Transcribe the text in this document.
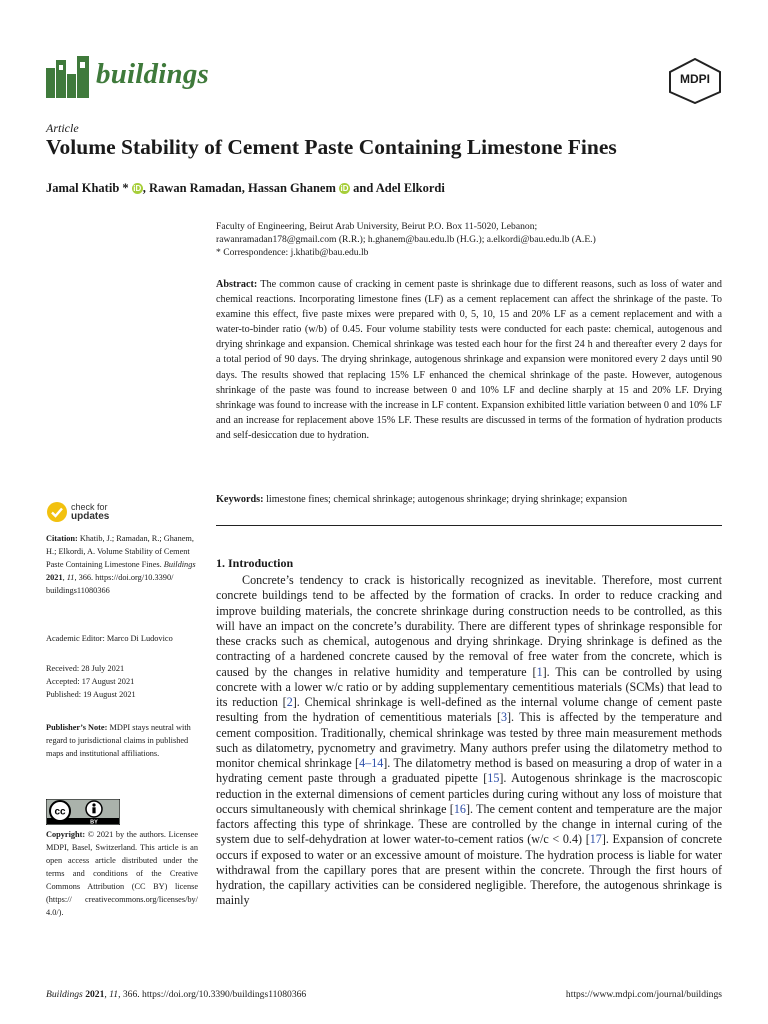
buildings	MDPI
Article
Volume Stability of Cement Paste Containing Limestone Fines
Jamal Khatib * iD , Rawan Ramadan, Hassan Ghanem iD and Adel Elkordi
Faculty of Engineering, Beirut Arab University, Beirut P.O. Box 11-5020, Lebanon;
rawanramadan178@gmail.com (R.R.); h.ghanem@bau.edu.lb (H.G.); a.elkordi@bau.edu.lb (A.E.)
* Correspondence: j.khatib@bau.edu.lb
Abstract: The common cause of cracking in cement paste is shrinkage due to different reasons, such as loss of water and chemical reactions. Incorporating limestone fines (LF) as a cement replacement can affect the shrinkage of the paste. To examine this effect, five paste mixes were prepared with 0, 5, 10, 15 and 20% LF as a cement replacement and with a water-to-binder ratio (w/b) of 0.45. Four volume stability tests were conducted for each paste: chemical, autogenous and drying shrinkage and expansion. Chemical shrinkage was tested each hour for the first 24 h and thereafter every 2 days for a total period of 90 days. The drying shrinkage, autogenous shrinkage and expansion were monitored every 2 days until 90 days. The results showed that replacing 15% LF enhanced the chemical shrinkage of the paste. However, autogenous shrinkage of the paste was found to increase between 0 and 10% LF and decline sharply at 15 and 20% LF. Drying shrinkage was found to increase with the increase in LF content. Expansion exhibited little variation between 0 and 10% LF and an increase for replacement above 15% LF. These results are discussed in terms of the formation of hydration products and self-desiccation due to hydration.
Keywords: limestone fines; chemical shrinkage; autogenous shrinkage; drying shrinkage; expansion
check for
updates
Citation: Khatib, J.; Ramadan, R.; Ghanem, H.; Elkordi, A. Volume Stability of Cement Paste Containing Limestone Fines. Buildings 2021, 11, 366. https://doi.org/10.3390/ buildings11080366
Academic Editor: Marco Di Ludovico
Received: 28 July 2021
Accepted: 17 August 2021
Published: 19 August 2021
Publisher’s Note: MDPI stays neutral with regard to jurisdictional claims in published maps and institutional affiliations.
cc
BY
Copyright: © 2021 by the authors. Licensee MDPI, Basel, Switzerland. This article is an open access article distributed under the terms and conditions of the Creative Commons Attribution (CC BY) license (https:// creativecommons.org/licenses/by/ 4.0/).
1. Introduction
Concrete’s tendency to crack is historically recognized as inevitable. Therefore, most current concrete buildings tend to be affected by the formation of cracks. In order to reduce cracking and improve building materials, the concrete shrinkage during construction needs to be controlled, as this will have an impact on the concrete’s durability. There are different types of shrinkage responsible for these cracks such as chemical, autogenous and drying shrinkage. Drying shrinkage is defined as the contracting of a hardened concrete caused by the removal of free water from the concrete, which is caused by the changes in relative humidity and temperature [1]. This can be controlled by using concrete with a lower w/c ratio or by adding supplementary cementitious materials (SCMs) that lead to its reduction [2]. Chemical shrinkage is well-defined as the internal volume change of cement paste resulting from the hydration of cementitious materials [3]. This is affected by the temperature and cement composition. Traditionally, chemical shrinkage was tested by three main measurement methods such as dilatometry, pycnometry and gravimetry. Many authors prefer using the dilatometry method to monitor chemical shrinkage [4–14]. The dilatometry method is based on measuring a drop of water in a hydrating cement paste through a graduated pipette [15]. Autogenous shrinkage is the macroscopic reduction in the external dimensions of cement particles during curing without any loss of moisture that occurs simultaneously with chemical shrinkage [16]. The cement content and temperature are the major factors affecting this type of shrinkage. These are controlled by the change in internal curing of the system due to self-dehydration at lower water-to-cement ratios (w/c < 0.4) [17]. Expansion of concrete occurs if exposed to water or an excessive amount of moisture. The hydration process is liable for water withdrawal from the capillary pores that are present within the concrete. Through the first hours of hydration, the capillary activities can be considered negligible. Therefore, the autogenous shrinkage is mainly
Buildings 2021, 11, 366. https://doi.org/10.3390/buildings11080366	https://www.mdpi.com/journal/buildings
